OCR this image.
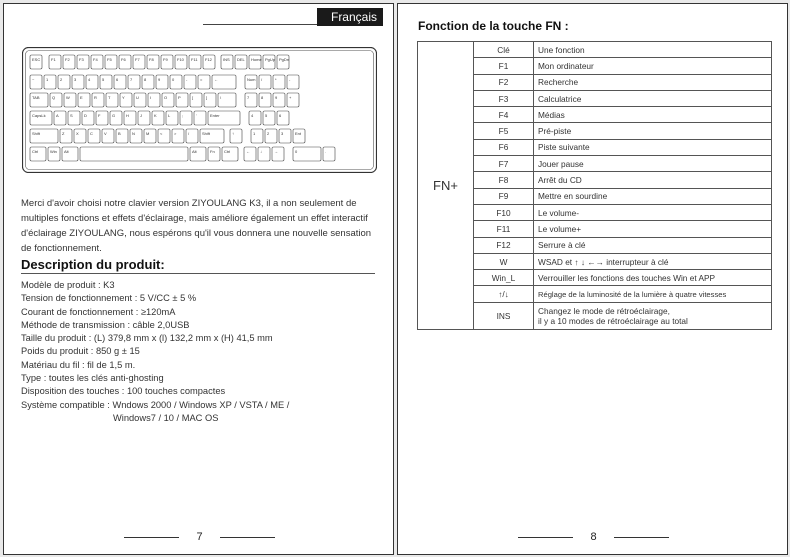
Français
ESC	F1 F2 F3 F4 F5 F6 F7 F8 F9 F10 F11 F12	INS DEL Home PgUp PgDn
~	1	2	3	4	5	6	7	8	9	0	-	=	←	Num /	*	-
TAB	Q	W	E	R	T	Y	U	I	O	P	[	]	\	7	8	9	+
CapsLk	A	S	D	F	G	H	J	K	L	;	'	Enter	4	5	6
Shift	Z	X	C	V	B	N	M	<	>	/	Shift	↑	1	2	3	Ent
Ctrl	Win Alt	Alt	Fn Ctrl	←	↓	→	0	.
Merci d'avoir choisi notre clavier version ZIYOULANG K3, il a non seulement de multiples fonctions et effets d'éclairage, mais améliore également un effet interactif d'éclairage ZIYOULANG, nous espérons qu'il vous donnera une nouvelle sensation de fonctionnement.
Description du produit:
Modèle de produit : K3
Tension de fonctionnement : 5 V/CC ± 5 %
Courant de fonctionnement : ≥120mA
Méthode de transmission : câble 2,0USB
Taille du produit : (L) 379,8 mm x (l) 132,2 mm x (H) 41,5 mm
Poids du produit : 850 g ± 15
Matériau du fil : fil de 1,5 m.
Type : toutes les clés anti-ghosting
Disposition des touches : 100 touches compactes
Système compatible : Wndows 2000 / Windows XP / VSTA / ME /
Windows7 / 10 / MAC OS
7
Fonction de la touche FN :
FN+	Clé	Une fonction
	F1	Mon ordinateur
	F2	Recherche
	F3	Calculatrice
	F4	Médias
	F5	Pré-piste
	F6	Piste suivante
	F7	Jouer pause
	F8	Arrêt du CD
	F9	Mettre en sourdine
	F10	Le volume-
	F11	Le volume+
	F12	Serrure à clé
	W	WSAD et ↑ ↓ ←→ interrupteur à clé
	Win_L	Verrouiller les fonctions des touches Win et APP
	↑/↓	Réglage de la luminosité de la lumière à quatre vitesses
	INS	Changez le mode de rétroéclairage,
il y a 10 modes de rétroéclairage au total
8
